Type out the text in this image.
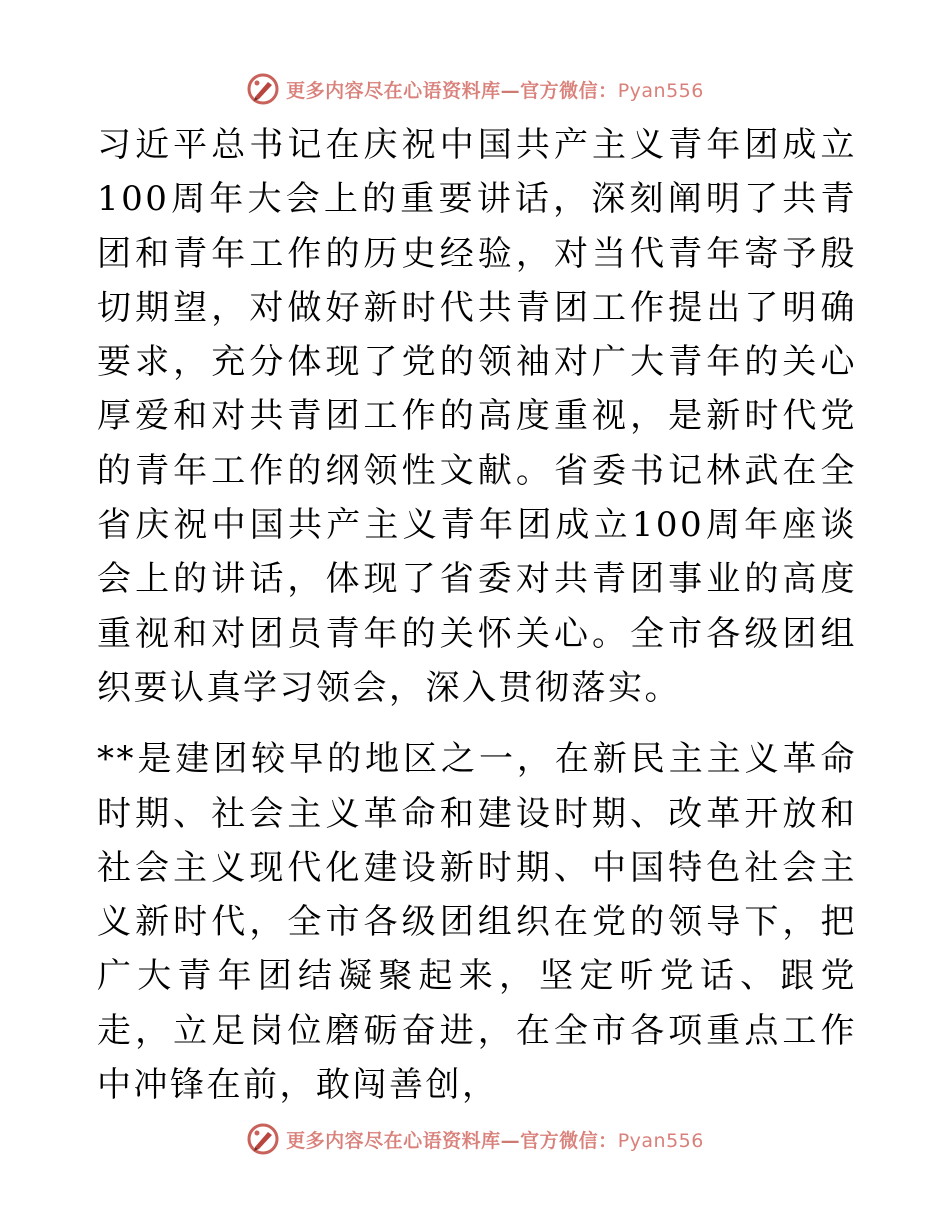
更多内容尽在心语资料库—官方微信：Pyan556

习近平总书记在庆祝中国共产主义青年团成立100周年大会上的重要讲话，深刻阐明了共青团和青年工作的历史经验，对当代青年寄予殷切期望，对做好新时代共青团工作提出了明确要求，充分体现了党的领袖对广大青年的关心厚爱和对共青团工作的高度重视，是新时代党的青年工作的纲领性文献。省委书记林武在全省庆祝中国共产主义青年团成立100周年座谈会上的讲话，体现了省委对共青团事业的高度重视和对团员青年的关怀关心。全市各级团组织要认真学习领会，深入贯彻落实。

**是建团较早的地区之一，在新民主主义革命时期、社会主义革命和建设时期、改革开放和社会主义现代化建设新时期、中国特色社会主义新时代，全市各级团组织在党的领导下，把广大青年团结凝聚起来，坚定听党话、跟党走，立足岗位磨砺奋进，在全市各项重点工作中冲锋在前，敢闯善创，

更多内容尽在心语资料库—官方微信：Pyan556
